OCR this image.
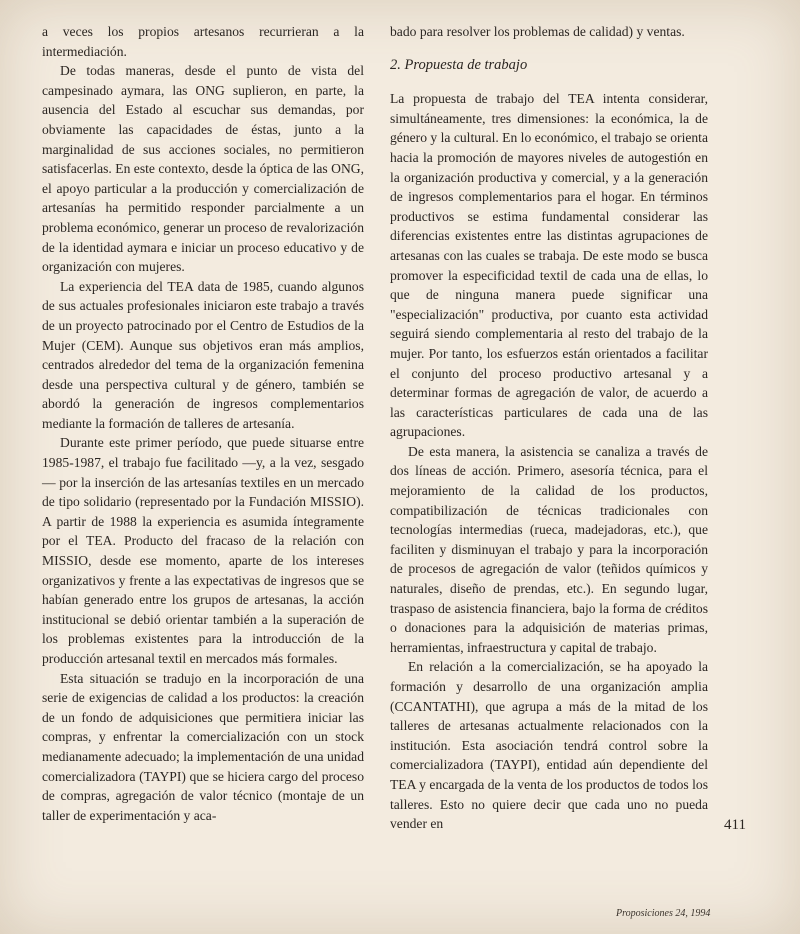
a veces los propios artesanos recurrieran a la intermediación.

De todas maneras, desde el punto de vista del campesinado aymara, las ONG suplieron, en parte, la ausencia del Estado al escuchar sus demandas, por obviamente las capacidades de éstas, junto a la marginalidad de sus acciones sociales, no permitieron satisfacerlas. En este contexto, desde la óptica de las ONG, el apoyo particular a la producción y comercialización de artesanías ha permitido responder parcialmente a un problema económico, generar un proceso de revalorización de la identidad aymara e iniciar un proceso educativo y de organización con mujeres.

La experiencia del TEA data de 1985, cuando algunos de sus actuales profesionales iniciaron este trabajo a través de un proyecto patrocinado por el Centro de Estudios de la Mujer (CEM). Aunque sus objetivos eran más amplios, centrados alrededor del tema de la organización femenina desde una perspectiva cultural y de género, también se abordó la generación de ingresos complementarios mediante la formación de talleres de artesanía.

Durante este primer período, que puede situarse entre 1985-1987, el trabajo fue facilitado —y, a la vez, sesgado— por la inserción de las artesanías textiles en un mercado de tipo solidario (representado por la Fundación MISSIO). A partir de 1988 la experiencia es asumida íntegramente por el TEA. Producto del fracaso de la relación con MISSIO, desde ese momento, aparte de los intereses organizativos y frente a las expectativas de ingresos que se habían generado entre los grupos de artesanas, la acción institucional se debió orientar también a la superación de los problemas existentes para la introducción de la producción artesanal textil en mercados más formales.

Esta situación se tradujo en la incorporación de una serie de exigencias de calidad a los productos: la creación de un fondo de adquisiciones que permitiera iniciar las compras, y enfrentar la comercialización con un stock medianamente adecuado; la implementación de una unidad comercializadora (TAYPI) que se hiciera cargo del proceso de compras, agregación de valor técnico (montaje de un taller de experimentación y aca-

bado para resolver los problemas de calidad) y ventas.

2. Propuesta de trabajo

La propuesta de trabajo del TEA intenta considerar, simultáneamente, tres dimensiones: la económica, la de género y la cultural. En lo económico, el trabajo se orienta hacia la promoción de mayores niveles de autogestión en la organización productiva y comercial, y a la generación de ingresos complementarios para el hogar. En términos productivos se estima fundamental considerar las diferencias existentes entre las distintas agrupaciones de artesanas con las cuales se trabaja. De este modo se busca promover la especificidad textil de cada una de ellas, lo que de ninguna manera puede significar una "especialización" productiva, por cuanto esta actividad seguirá siendo complementaria al resto del trabajo de la mujer. Por tanto, los esfuerzos están orientados a facilitar el conjunto del proceso productivo artesanal y a determinar formas de agregación de valor, de acuerdo a las características particulares de cada una de las agrupaciones.

De esta manera, la asistencia se canaliza a través de dos líneas de acción. Primero, asesoría técnica, para el mejoramiento de la calidad de los productos, compatibilización de técnicas tradicionales con tecnologías intermedias (rueca, madejadoras, etc.), que faciliten y disminuyan el trabajo y para la incorporación de procesos de agregación de valor (teñidos químicos y naturales, diseño de prendas, etc.). En segundo lugar, traspaso de asistencia financiera, bajo la forma de créditos o donaciones para la adquisición de materias primas, herramientas, infraestructura y capital de trabajo.

En relación a la comercialización, se ha apoyado la formación y desarrollo de una organización amplia (CCANTATHI), que agrupa a más de la mitad de los talleres de artesanas actualmente relacionados con la institución. Esta asociación tendrá control sobre la comercializadora (TAYPI), entidad aún dependiente del TEA y encargada de la venta de los productos de todos los talleres. Esto no quiere decir que cada uno no pueda vender en	411
Proposiciones 24, 1994
